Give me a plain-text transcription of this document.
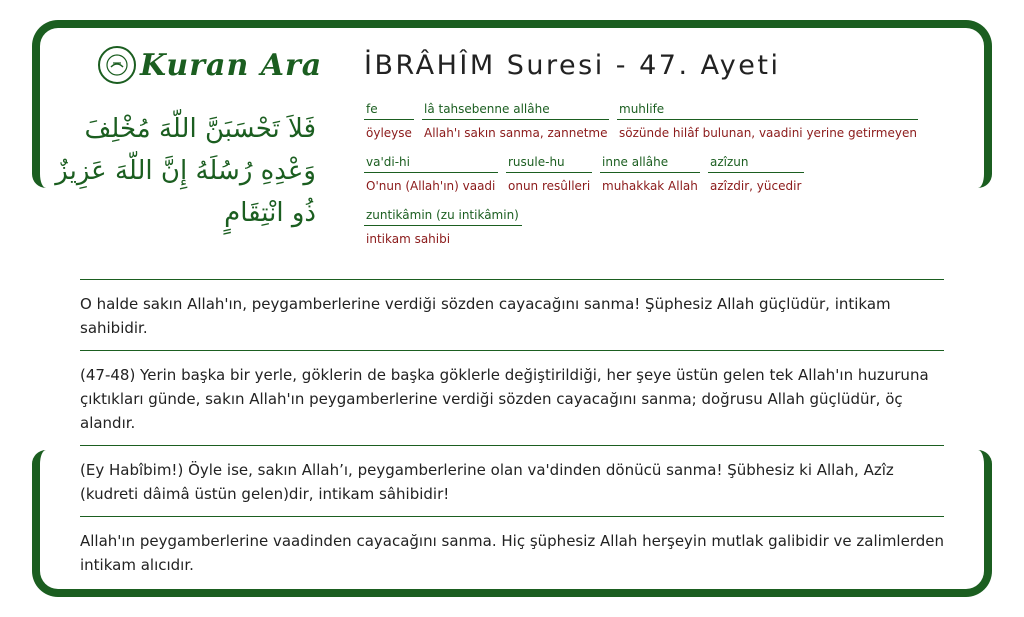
Kuran Ara
فَلاَ تَحْسَبَنَّ اللّهَ مُخْلِفَ وَعْدِهِ رُسُلَهُ إِنَّ اللّهَ عَزِيزٌ ذُو انْتِقَامٍ
İBRÂHÎM Suresi - 47. Ayeti
fe
öyleyse
lâ tahsebenne allâhe
Allah'ı sakın sanma, zannetme
muhlife
sözünde hilâf bulunan, vaadini yerine getirmeyen
va'di-hi
O'nun (Allah'ın) vaadi
rusule-hu
onun resûlleri
inne allâhe
muhakkak Allah
azîzun
azîzdir, yücedir
zuntikâmin (zu intikâmin)
intikam sahibi
O halde sakın Allah'ın, peygamberlerine verdiği sözden cayacağını sanma! Şüphesiz Allah güçlüdür, intikam sahibidir.
(47-48) Yerin başka bir yerle, göklerin de başka göklerle değiştirildiği, her şeye üstün gelen tek Allah'ın huzuruna çıktıkları günde, sakın Allah'ın peygamberlerine verdiği sözden cayacağını sanma; doğrusu Allah güçlüdür, öç alandır.
(Ey Habîbim!) Öyle ise, sakın Allah’ı, peygamberlerine olan va'dinden dönücü sanma! Şübhesiz ki Allah, Azîz (kudreti dâimâ üstün gelen)dir, intikam sâhibidir!
Allah'ın peygamberlerine vaadinden cayacağını sanma. Hiç şüphesiz Allah herşeyin mutlak galibidir ve zalimlerden intikam alıcıdır.
